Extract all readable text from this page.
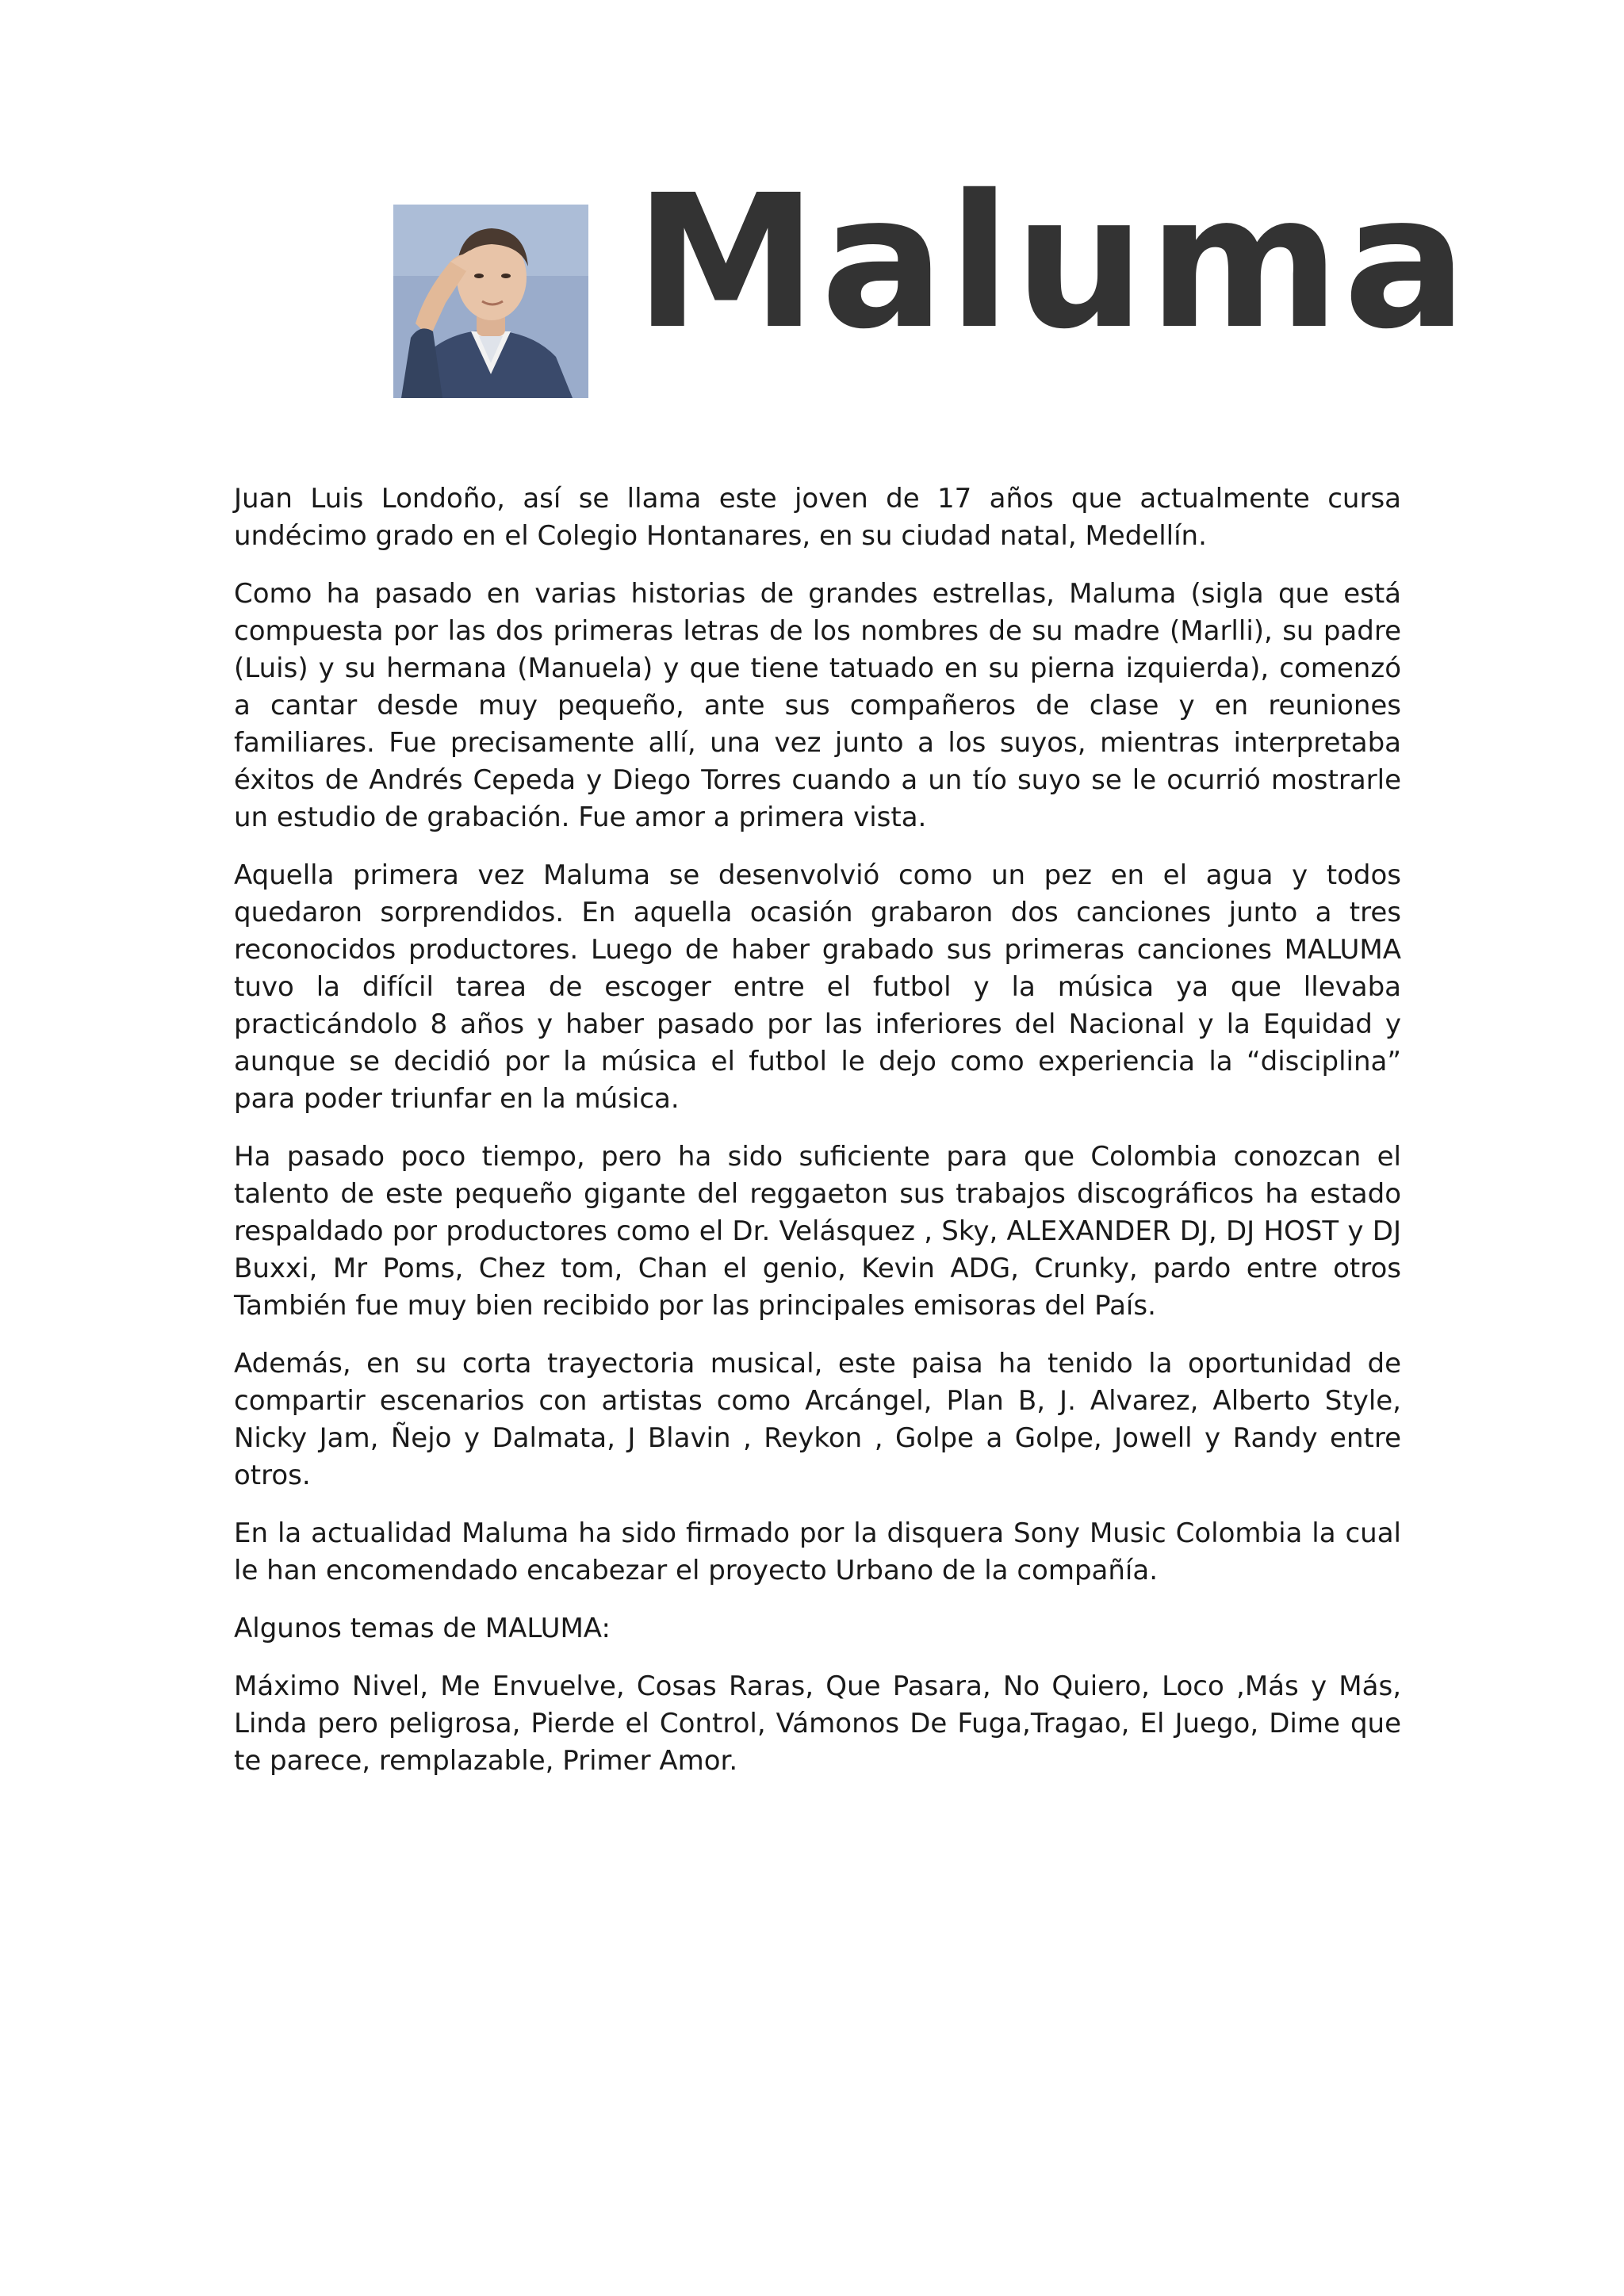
Maluma

Juan Luis Londoño, así se llama este joven de 17 años que actualmente cursa undécimo grado en el Colegio Hontanares, en su ciudad natal, Medellín.

Como ha pasado en varias historias de grandes estrellas, Maluma (sigla que está compuesta por las dos primeras letras de los nombres de su madre (Marlli), su padre (Luis) y su hermana (Manuela) y que tiene tatuado en su pierna izquierda), comenzó a cantar desde muy pequeño, ante sus compañeros de clase y en reuniones familiares. Fue precisamente allí, una vez junto a los suyos, mientras interpretaba éxitos de Andrés Cepeda y Diego Torres cuando a un tío suyo se le ocurrió mostrarle un estudio de grabación. Fue amor a primera vista.

Aquella primera vez Maluma se desenvolvió como un pez en el agua y todos quedaron sorprendidos. En aquella ocasión grabaron dos canciones junto a tres reconocidos productores. Luego de haber grabado sus primeras canciones MALUMA tuvo la difícil tarea de escoger entre el futbol y la música ya que llevaba practicándolo 8 años y haber pasado por las inferiores del Nacional y la Equidad y aunque se decidió por la música el futbol le dejo como experiencia la “disciplina” para poder triunfar en la música.

Ha pasado poco tiempo, pero ha sido suficiente para que Colombia conozcan el talento de este pequeño gigante del reggaeton sus trabajos discográficos ha estado respaldado por productores como el Dr. Velásquez , Sky, ALEXANDER DJ, DJ HOST y DJ Buxxi, Mr Poms, Chez tom, Chan el genio, Kevin ADG, Crunky, pardo entre otros También fue muy bien recibido por las principales emisoras del País.

Además, en su corta trayectoria musical, este paisa ha tenido la oportunidad de compartir escenarios con artistas como Arcángel, Plan B, J. Alvarez, Alberto Style, Nicky Jam, Ñejo y Dalmata, J Blavin , Reykon , Golpe a Golpe, Jowell y Randy entre otros.

En la actualidad Maluma ha sido firmado por la disquera Sony Music Colombia la cual le han encomendado encabezar el proyecto Urbano de la compañía.

Algunos temas de MALUMA:

Máximo Nivel, Me Envuelve, Cosas Raras, Que Pasara, No Quiero, Loco ,Más y Más, Linda pero peligrosa, Pierde el Control, Vámonos De Fuga,Tragao, El Juego, Dime que te parece, remplazable, Primer Amor.
